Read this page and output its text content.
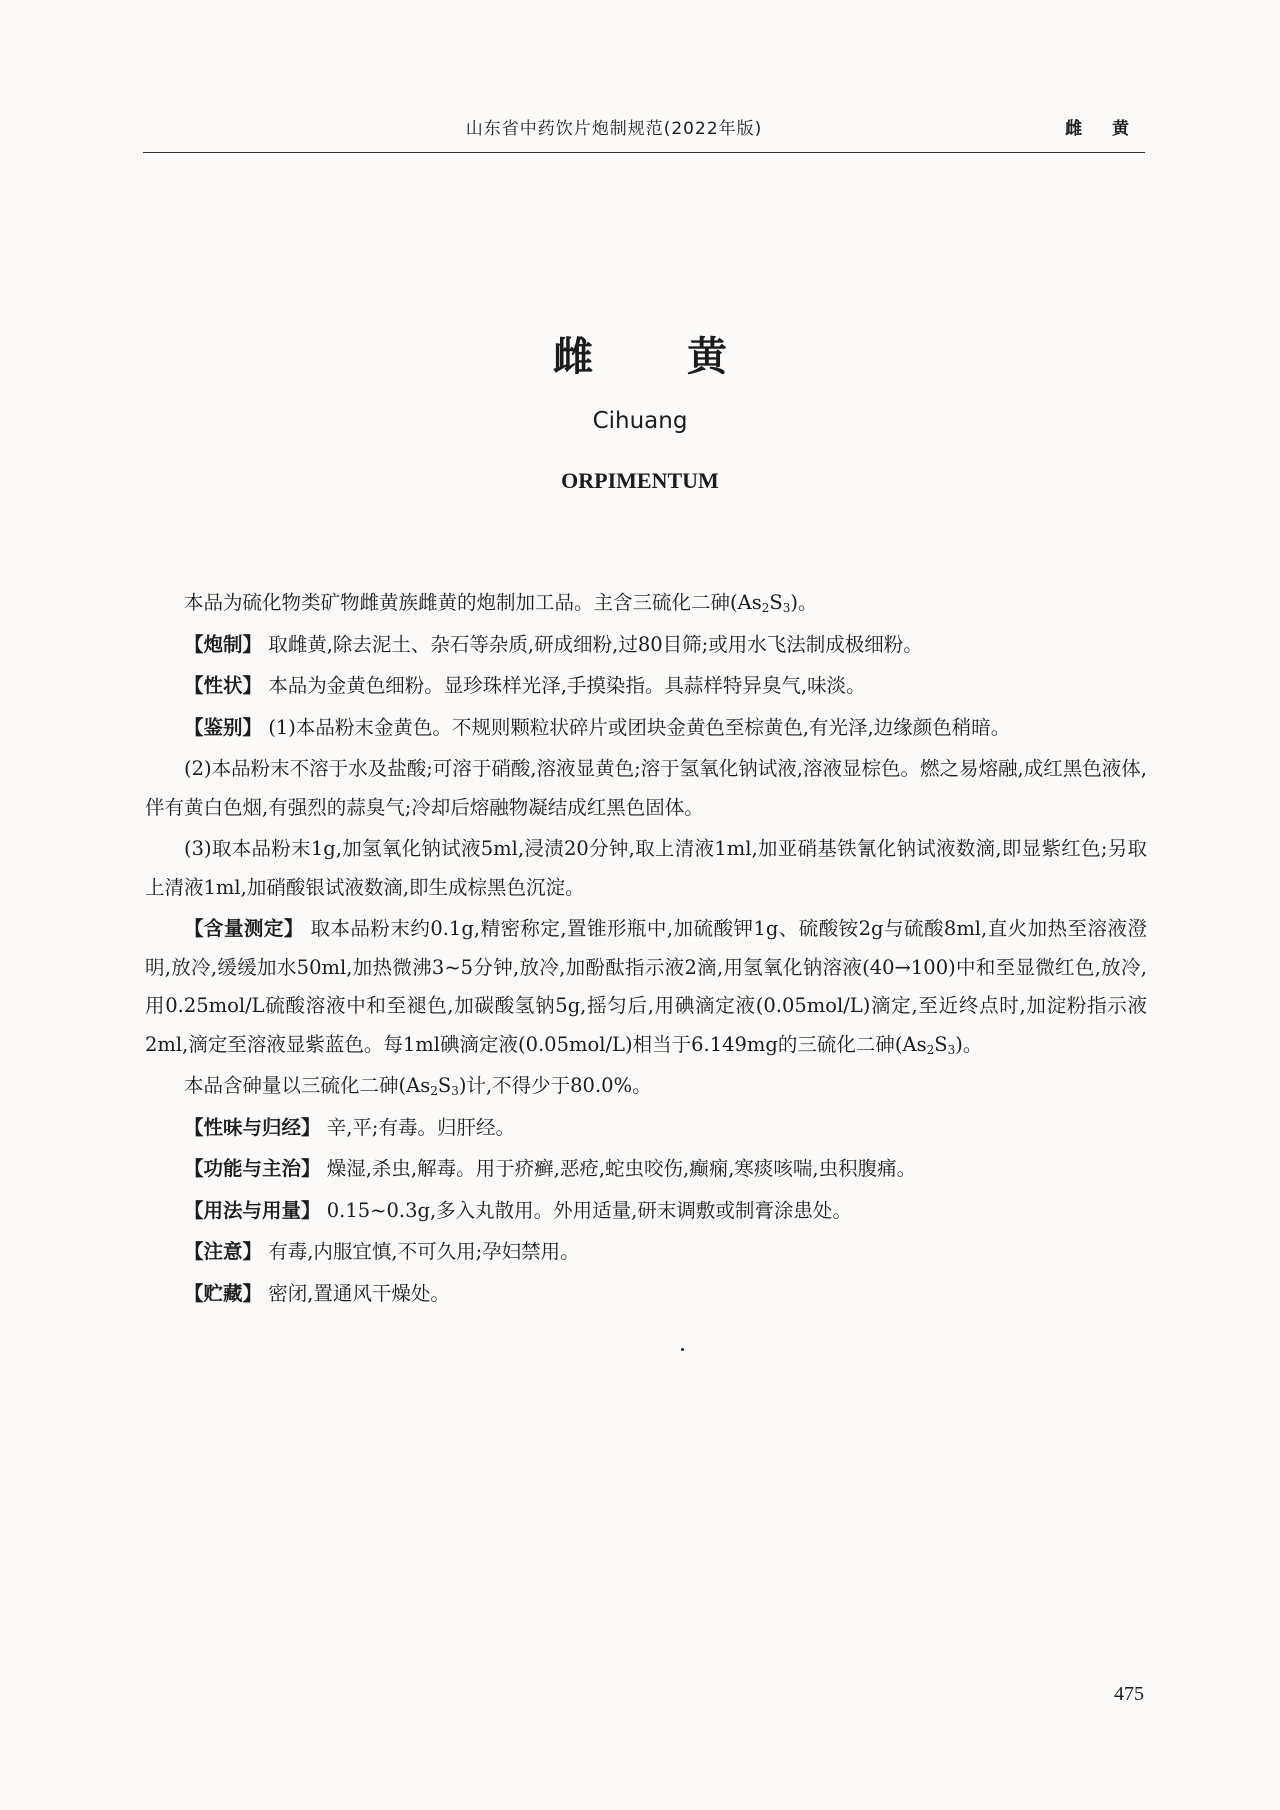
山东省中药饮片炮制规范(2022年版)	雌 黄
雌 黄
Cihuang
ORPIMENTUM

本品为硫化物类矿物雌黄族雌黄的炮制加工品。主含三硫化二砷$(As_2S_3)$。

【炮制】 取雌黄,除去泥土、杂石等杂质,研成细粉,过80目筛;或用水飞法制成极细粉。

【性状】 本品为金黄色细粉。显珍珠样光泽,手摸染指。具蒜样特异臭气,味淡。

【鉴别】 (1)本品粉末金黄色。不规则颗粒状碎片或团块金黄色至棕黄色,有光泽,边缘颜色稍暗。

(2)本品粉末不溶于水及盐酸;可溶于硝酸,溶液显黄色;溶于氢氧化钠试液,溶液显棕色。燃之易熔融,成红黑色液体,伴有黄白色烟,有强烈的蒜臭气;冷却后熔融物凝结成红黑色固体。

(3)取本品粉末1g,加氢氧化钠试液5ml,浸渍20分钟,取上清液1ml,加亚硝基铁氰化钠试液数滴,即显紫红色;另取上清液1ml,加硝酸银试液数滴,即生成棕黑色沉淀。

【含量测定】 取本品粉末约0.1g,精密称定,置锥形瓶中,加硫酸钾1g、硫酸铵2g与硫酸8ml,直火加热至溶液澄明,放冷,缓缓加水50ml,加热微沸3~5分钟,放冷,加酚酞指示液2滴,用氢氧化钠溶液(40→100)中和至显微红色,放冷,用0.25mol/L硫酸溶液中和至褪色,加碳酸氢钠5g,摇匀后,用碘滴定液(0.05mol/L)滴定,至近终点时,加淀粉指示液2ml,滴定至溶液显紫蓝色。每1ml碘滴定液(0.05mol/L)相当于6.149mg的三硫化二砷$(As_2S_3)$。

本品含砷量以三硫化二砷$(As_2S_3)$计,不得少于80.0%。

【性味与归经】 辛,平;有毒。归肝经。

【功能与主治】 燥湿,杀虫,解毒。用于疥癣,恶疮,蛇虫咬伤,癫痫,寒痰咳喘,虫积腹痛。

【用法与用量】 0.15~0.3g,多入丸散用。外用适量,研末调敷或制膏涂患处。

【注意】 有毒,内服宜慎,不可久用;孕妇禁用。

【贮藏】 密闭,置通风干燥处。

475
